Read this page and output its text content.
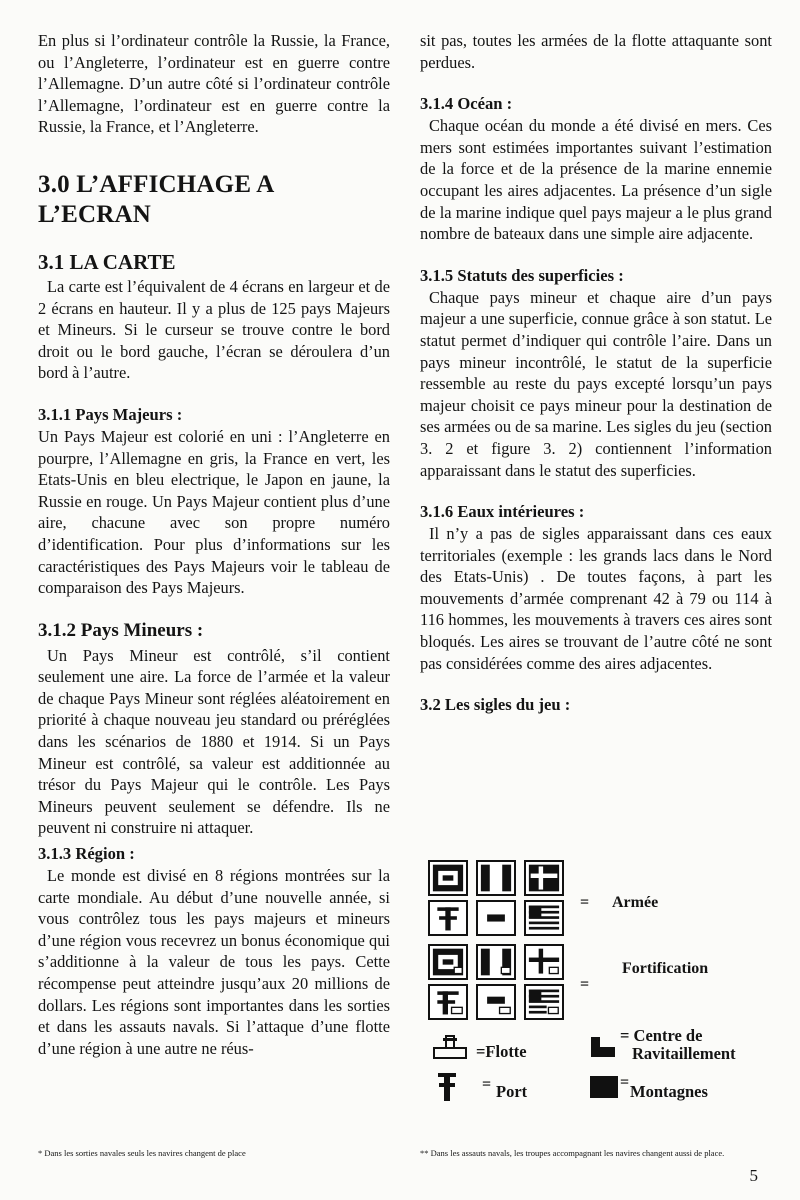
En plus si l’ordinateur contrôle la Russie, la France, ou l’Angleterre, l’ordinateur est en guerre contre l’Allemagne. D’un autre côté si l’ordinateur contrôle l’Allemagne, l’ordinateur est en guerre contre la Russie, la France, et l’Angleterre.

3.0 L’AFFICHAGE A L’ECRAN
3.1 LA CARTE

La carte est l’équivalent de 4 écrans en largeur et de 2 écrans en hauteur. Il y a plus de 125 pays Majeurs et Mineurs. Si le curseur se trouve contre le bord droit ou le bord gauche, l’écran se déroulera d’un bord à l’autre.

3.1.1 Pays Majeurs :

Un Pays Majeur est colorié en uni : l’Angleterre en pourpre, l’Allemagne en gris, la France en vert, les Etats-Unis en bleu electrique, le Japon en jaune, la Russie en rouge. Un Pays Majeur contient plus d’une aire, chacune avec son propre numéro d’identification. Pour plus d’informations sur les caractéristiques des Pays Majeurs voir le tableau de comparaison des Pays Majeurs.

3.1.2 Pays Mineurs :

Un Pays Mineur est contrôlé, s’il contient seulement une aire. La force de l’armée et la valeur de chaque Pays Mineur sont réglées aléatoirement en priorité à chaque nouveau jeu standard ou préréglées dans les scénarios de 1880 et 1914. Si un Pays Mineur est contrôlé, sa valeur est additionnée au trésor du Pays Majeur qui le contrôle. Les Pays Mineurs peuvent seulement se défendre. Ils ne peuvent ni construire ni attaquer.

3.1.3 Région :

Le monde est divisé en 8 régions montrées sur la carte mondiale. Au début d’une nouvelle année, si vous contrôlez tous les pays majeurs et mineurs d’une région vous recevrez un bonus économique qui s’additionne à la valeur de tous les pays. Cette récompense peut atteindre jusqu’aux 20 millions de dollars. Les régions sont importantes dans les sorties et dans les assauts navals. Si l’attaque d’une flotte d’une région à une autre ne réus-

sit pas, toutes les armées de la flotte attaquante sont perdues.

3.1.4 Océan :

Chaque océan du monde a été divisé en mers. Ces mers sont estimées importantes suivant l’estimation de la force et de la présence de la marine ennemie occupant les aires adjacentes. La présence d’un sigle de la marine indique quel pays majeur a le plus grand nombre de bateaux dans une simple aire adjacente.

3.1.5 Statuts des superficies :

Chaque pays mineur et chaque aire d’un pays majeur a une superficie, connue grâce à son statut. Le statut permet d’indiquer qui contrôle l’aire. Dans un pays mineur incontrôlé, le statut de la superficie ressemble au reste du pays excepté lorsqu’un pays majeur choisit ce pays mineur pour la destination de ses armées ou de sa marine. Les sigles du jeu (section 3. 2 et figure 3. 2) contiennent l’information apparaissant dans le statut des superficies.

3.1.6 Eaux intérieures :

Il n’y a pas de sigles apparaissant dans ces eaux territoriales (exemple : les grands lacs dans le Nord des Etats-Unis) . De toutes façons, à part les mouvements d’armée comprenant 42 à 79 ou 114 à 116 hommes, les mouvements à travers ces aires sont bloqués. Les aires se trouvant de l’autre côté ne sont pas considérées comme des aires adjacentes.

3.2 Les sigles du jeu :
= Armée
=
Fortification
=Flotte
= Port
= Centre de
Ravitaillement
= Montagnes
* Dans les sorties navales seuls les navires changent de place	** Dans les assauts navals, les troupes accompagnant les navires changent aussi de place.
5
